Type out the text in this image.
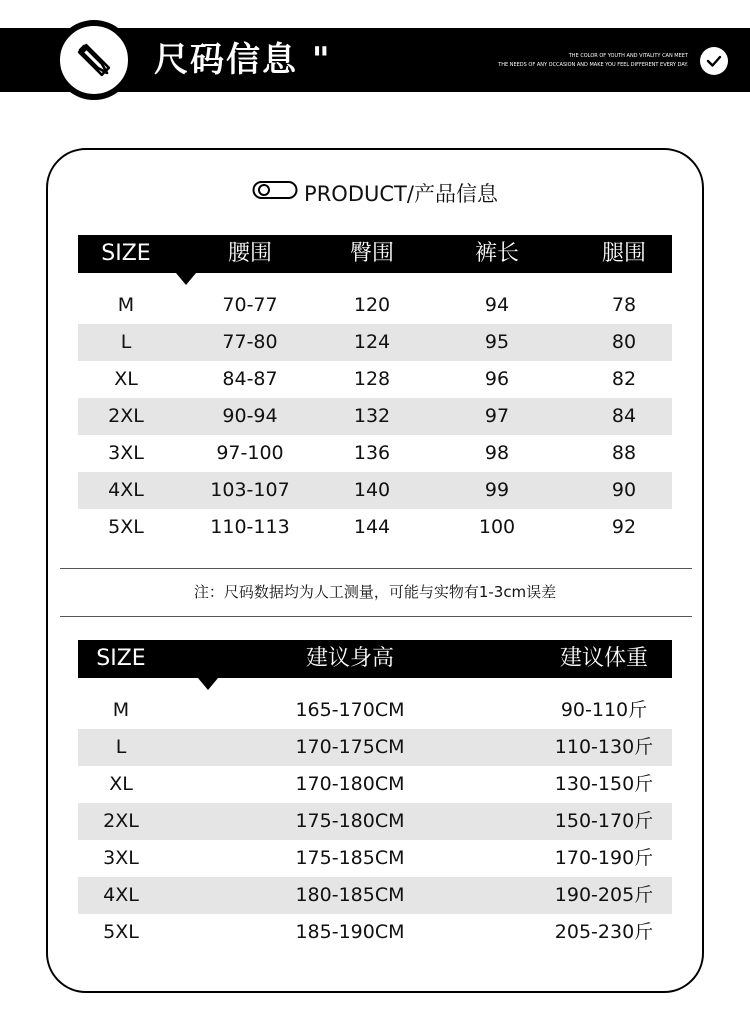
尺码信息 "	THE COLOR OF YOUTH AND VITALITY CAN MEET
THE NEEDS OF ANY OCCASION AND MAKE YOU FEEL DIFFERENT EVERY DAY.
PRODUCT/产品信息
SIZE	腰围	臀围	裤长	腿围
M	70-77	120	94	78
L	77-80	124	95	80
XL	84-87	128	96	82
2XL	90-94	132	97	84
3XL	97-100	136	98	88
4XL	103-107	140	99	90
5XL	110-113	144	100	92
注：尺码数据均为人工测量，可能与实物有1-3cm误差
SIZE	建议身高	建议体重
M	165-170CM	90-110斤
L	170-175CM	110-130斤
XL	170-180CM	130-150斤
2XL	175-180CM	150-170斤
3XL	175-185CM	170-190斤
4XL	180-185CM	190-205斤
5XL	185-190CM	205-230斤
